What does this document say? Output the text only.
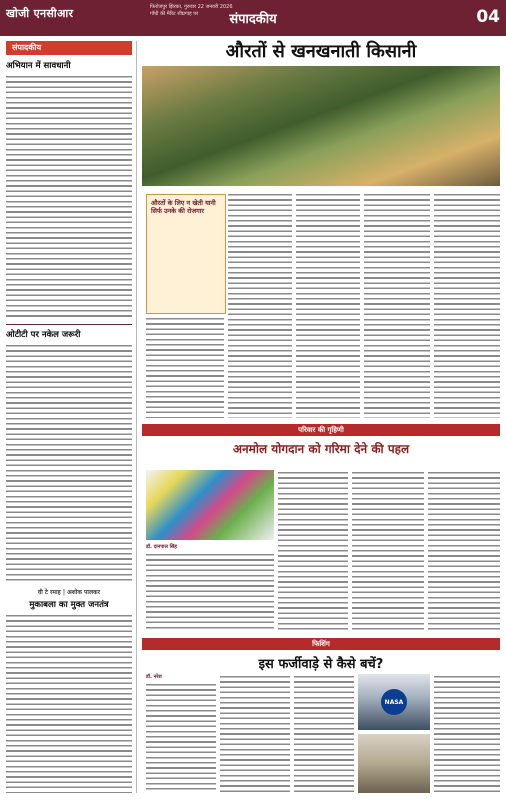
खोजी एनसीआर	फिरोजपुर झिरका, गुरुवार 22 जनवरी 2026
गाँधी की मैरिट शीघ्रगाह पर	संपादकीय	04
संपादकीय
अभियान में सावधानी
ओटीटी पर नकेल जरूरी
वी टे रमाह | अशोक पालकर
मुकाबला का मुक्त जनतंत्र
औरतों से खनखनाती किसानी
औरतों के लिए न खेती यानी सिर्फ उनके की रोजगार
परिवार की गृहिणी
अनमोल योगदान को गरिमा देने की पहल
डॉ. दानपाल सिंह
फिशिंग
इस फर्जीवाड़े से कैसे बचें?
डॉ. नरेश
NASA
